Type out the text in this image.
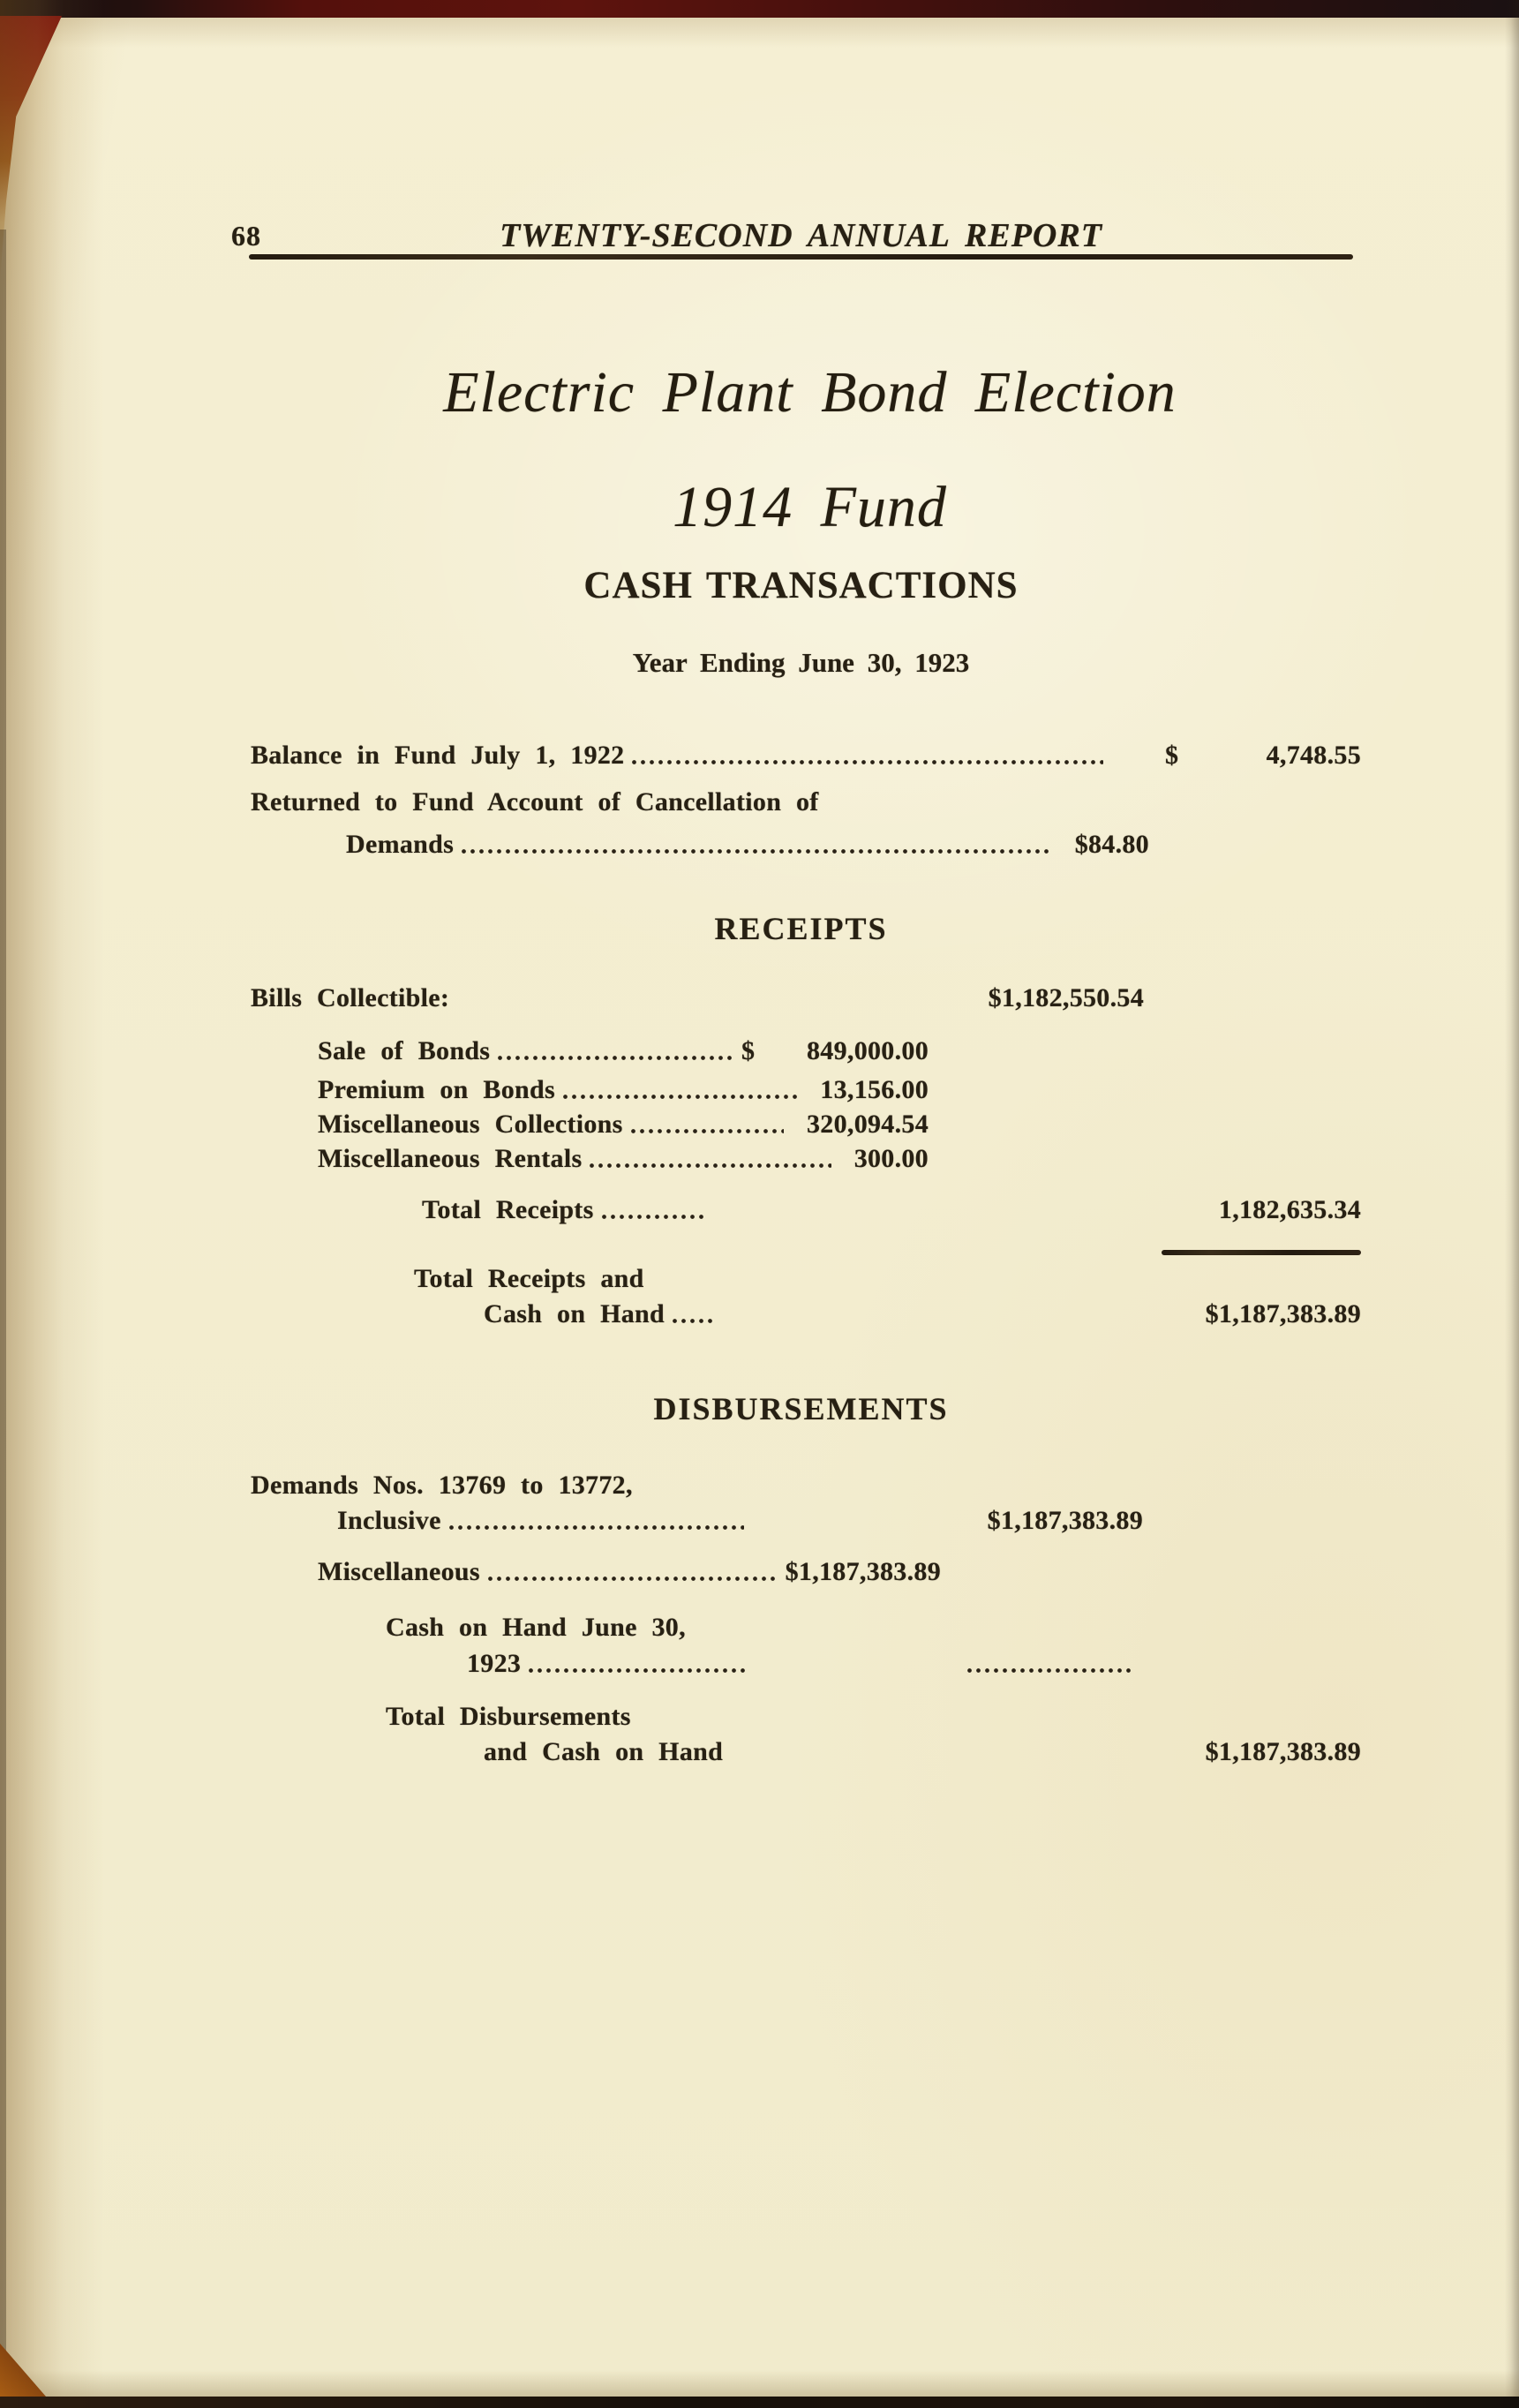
68	TWENTY-SECOND ANNUAL REPORT
Electric Plant Bond Election
1914 Fund
CASH TRANSACTIONS
Year Ending June 30, 1923
Balance in Fund July 1, 1922	$	4,748.55
Returned to Fund Account of Cancellation of
Demands	$84.80
RECEIPTS
Bills Collectible:	$1,182,550.54
Sale of Bonds	$ 849,000.00
Premium on Bonds	13,156.00
Miscellaneous Collections	320,094.54
Miscellaneous Rentals	300.00
Total Receipts	1,182,635.34
Total Receipts and
Cash on Hand	$1,187,383.89
DISBURSEMENTS
Demands Nos. 13769 to 13772,
Inclusive	$1,187,383.89
Miscellaneous	$1,187,383.89
Cash on Hand June 30,
1923
Total Disbursements
and Cash on Hand	$1,187,383.89
